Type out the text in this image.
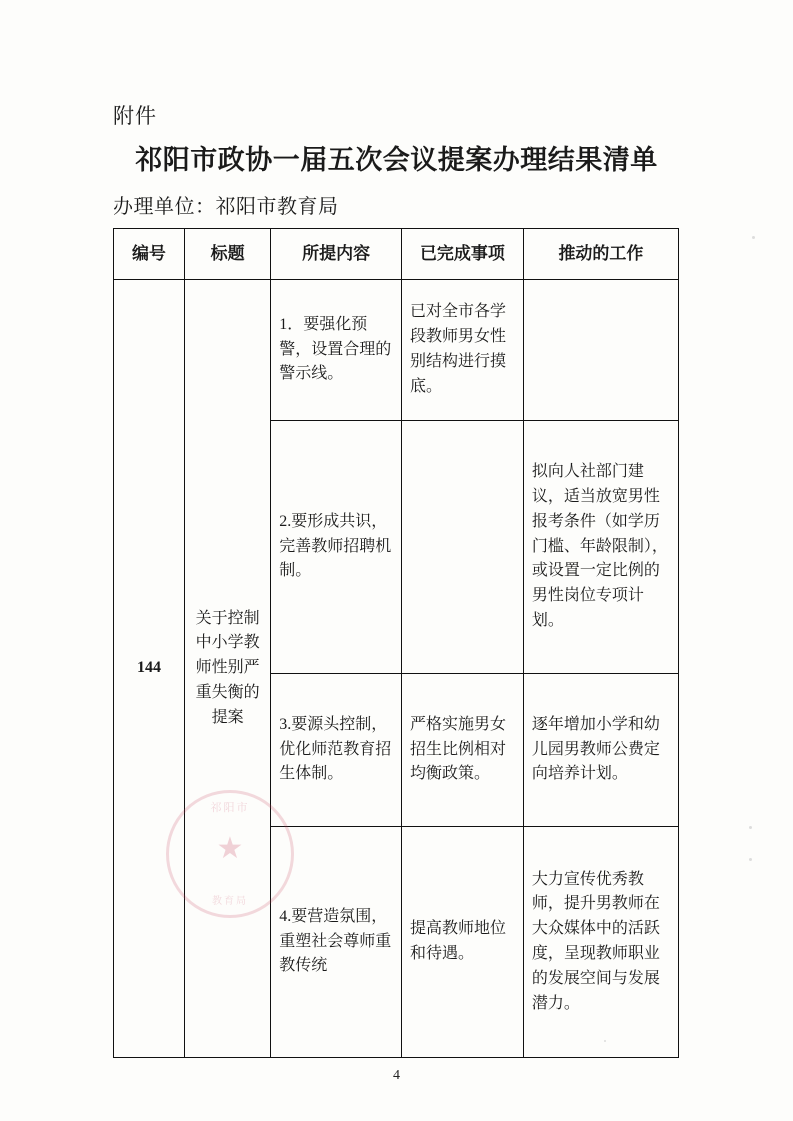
附件
祁阳市政协一届五次会议提案办理结果清单
办理单位：祁阳市教育局
编号	标题	所提内容	已完成事项	推动的工作
144	关于控制中小学教师性别严重失衡的提案	1．要强化预警，设置合理的警示线。	已对全市各学段教师男女性别结构进行摸底。	
		2.要形成共识，完善教师招聘机制。		拟向人社部门建议，适当放宽男性报考条件（如学历门槛、年龄限制），或设置一定比例的男性岗位专项计划。
		3.要源头控制，优化师范教育招生体制。	严格实施男女招生比例相对均衡政策。	逐年增加小学和幼儿园男教师公费定向培养计划。
		4.要营造氛围，重塑社会尊师重教传统	提高教师地位和待遇。	大力宣传优秀教师，提升男教师在大众媒体中的活跃度，呈现教师职业的发展空间与发展潜力。
祁阳市
★
教育局
4
